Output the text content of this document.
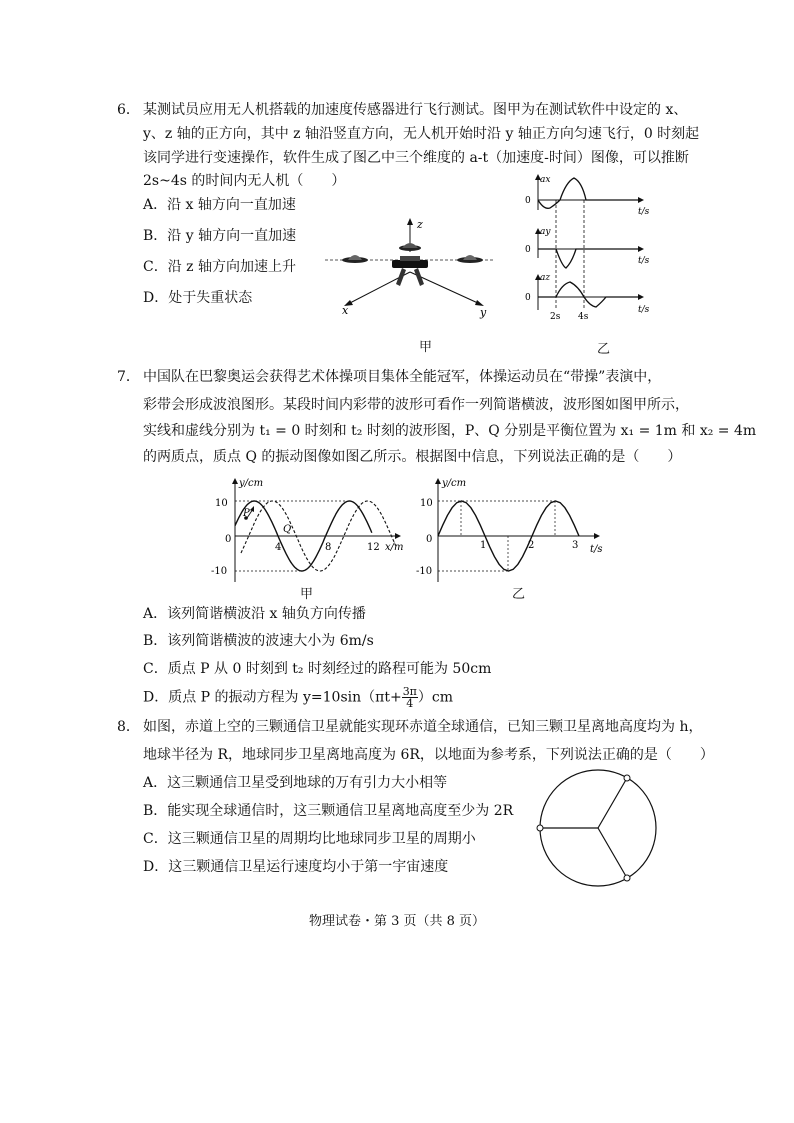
6． 某测试员应用无人机搭载的加速度传感器进行飞行测试。图甲为在测试软件中设定的 x、
y、z 轴的正方向，其中 z 轴沿竖直方向，无人机开始时沿 y 轴正方向匀速飞行，0 时刻起
该同学进行变速操作，软件生成了图乙中三个维度的 a-t（加速度-时间）图像，可以推断
2s~4s 的时间内无人机（　　）
A．沿 x 轴方向一直加速
B．沿 y 轴方向一直加速
C．沿 z 轴方向加速上升
D．处于失重状态
z
x	y
甲
ax
0
t/s
ay
0
t/s
az
0
t/s
2s 4s
乙
7． 中国队在巴黎奥运会获得艺术体操项目集体全能冠军，体操运动员在“带操”表演中，
彩带会形成波浪图形。某段时间内彩带的波形可看作一列简谐横波，波形图如图甲所示，
实线和虚线分别为 t₁ = 0 时刻和 t₂ 时刻的波形图，P、Q 分别是平衡位置为 x₁ = 1m 和 x₂ = 4m
的两质点，质点 Q 的振动图像如图乙所示。根据图中信息，下列说法正确的是（　　）
y/cm
x/m
10
-10
0
P
Q
4	8	12
甲
y/cm
t/s
10
-10
0
1	2	3
乙
A．该列简谐横波沿 x 轴负方向传播
B．该列简谐横波的波速大小为 6m/s
C．质点 P 从 0 时刻到 t₂ 时刻经过的路程可能为 50cm
D．质点 P 的振动方程为 $y=10\sin(\pi t+ \frac{3\pi}{4} )cm$
8． 如图，赤道上空的三颗通信卫星就能实现环赤道全球通信，已知三颗卫星离地高度均为 h，
地球半径为 R，地球同步卫星离地高度为 6R，以地面为参考系，下列说法正确的是（　　）
A．这三颗通信卫星受到地球的万有引力大小相等
B．能实现全球通信时，这三颗通信卫星离地高度至少为 2R
C．这三颗通信卫星的周期均比地球同步卫星的周期小
D．这三颗通信卫星运行速度均小于第一宇宙速度
物理试卷・第 3 页（共 8 页）
